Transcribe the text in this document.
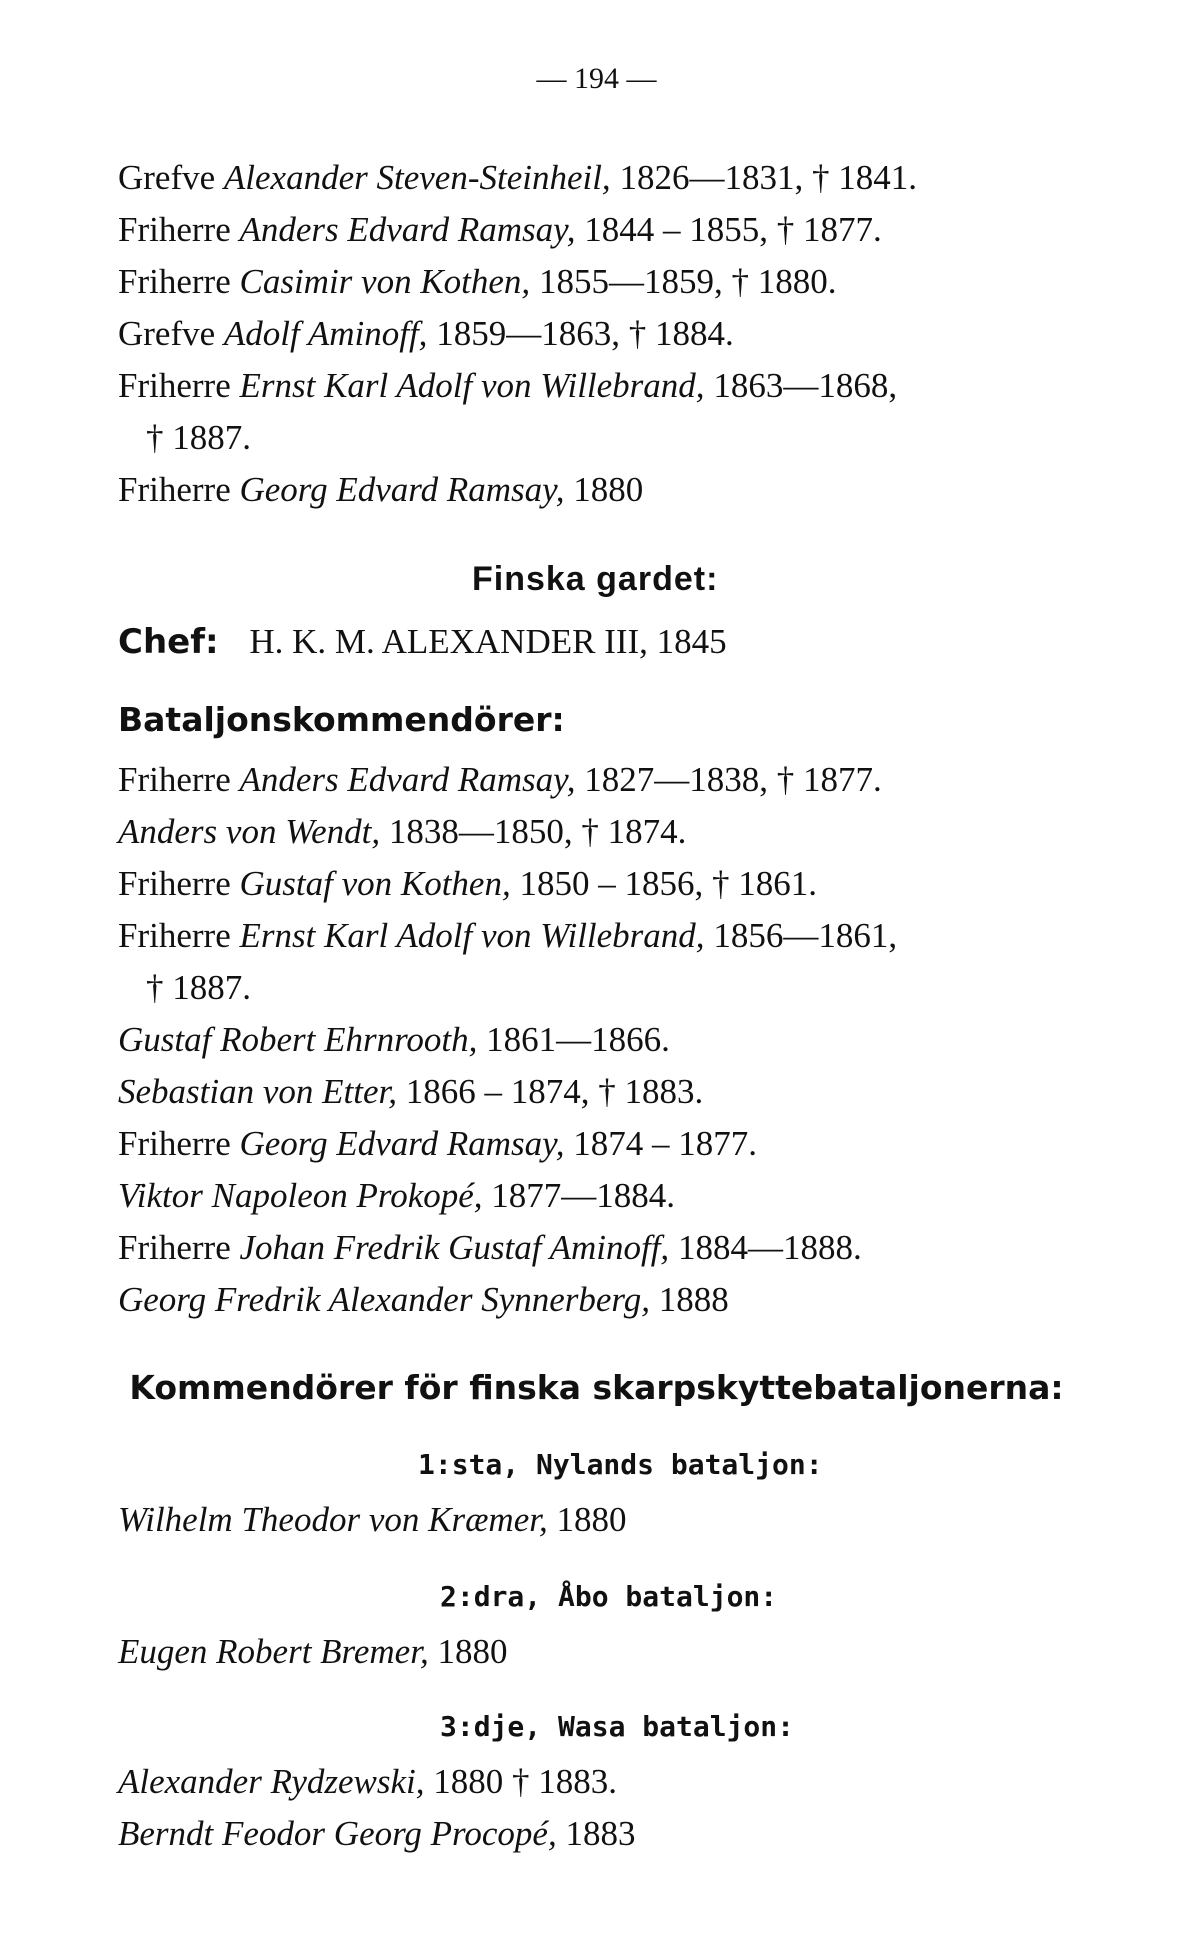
— 194 —
Grefve Alexander Steven-Steinheil, 1826—1831, † 1841.
Friherre Anders Edvard Ramsay, 1844 – 1855, † 1877.
Friherre Casimir von Kothen, 1855—1859, † 1880.
Grefve Adolf Aminoff, 1859—1863, † 1884.
Friherre Ernst Karl Adolf von Willebrand, 1863—1868,
† 1887.
Friherre Georg Edvard Ramsay, 1880
Finska gardet:
Chef: H. K. M. ALEXANDER III, 1845
Bataljonskommendörer:
Friherre Anders Edvard Ramsay, 1827—1838, † 1877.
Anders von Wendt, 1838—1850, † 1874.
Friherre Gustaf von Kothen, 1850 – 1856, † 1861.
Friherre Ernst Karl Adolf von Willebrand, 1856—1861,
† 1887.
Gustaf Robert Ehrnrooth, 1861—1866.
Sebastian von Etter, 1866 – 1874, † 1883.
Friherre Georg Edvard Ramsay, 1874 – 1877.
Viktor Napoleon Prokopé, 1877—1884.
Friherre Johan Fredrik Gustaf Aminoff, 1884—1888.
Georg Fredrik Alexander Synnerberg, 1888
Kommendörer för finska skarpskyttebataljonerna:
1:sta, Nylands bataljon:
Wilhelm Theodor von Kræmer, 1880
2:dra, Åbo bataljon:
Eugen Robert Bremer, 1880
3:dje, Wasa bataljon:
Alexander Rydzewski, 1880 † 1883.
Berndt Feodor Georg Procopé, 1883
